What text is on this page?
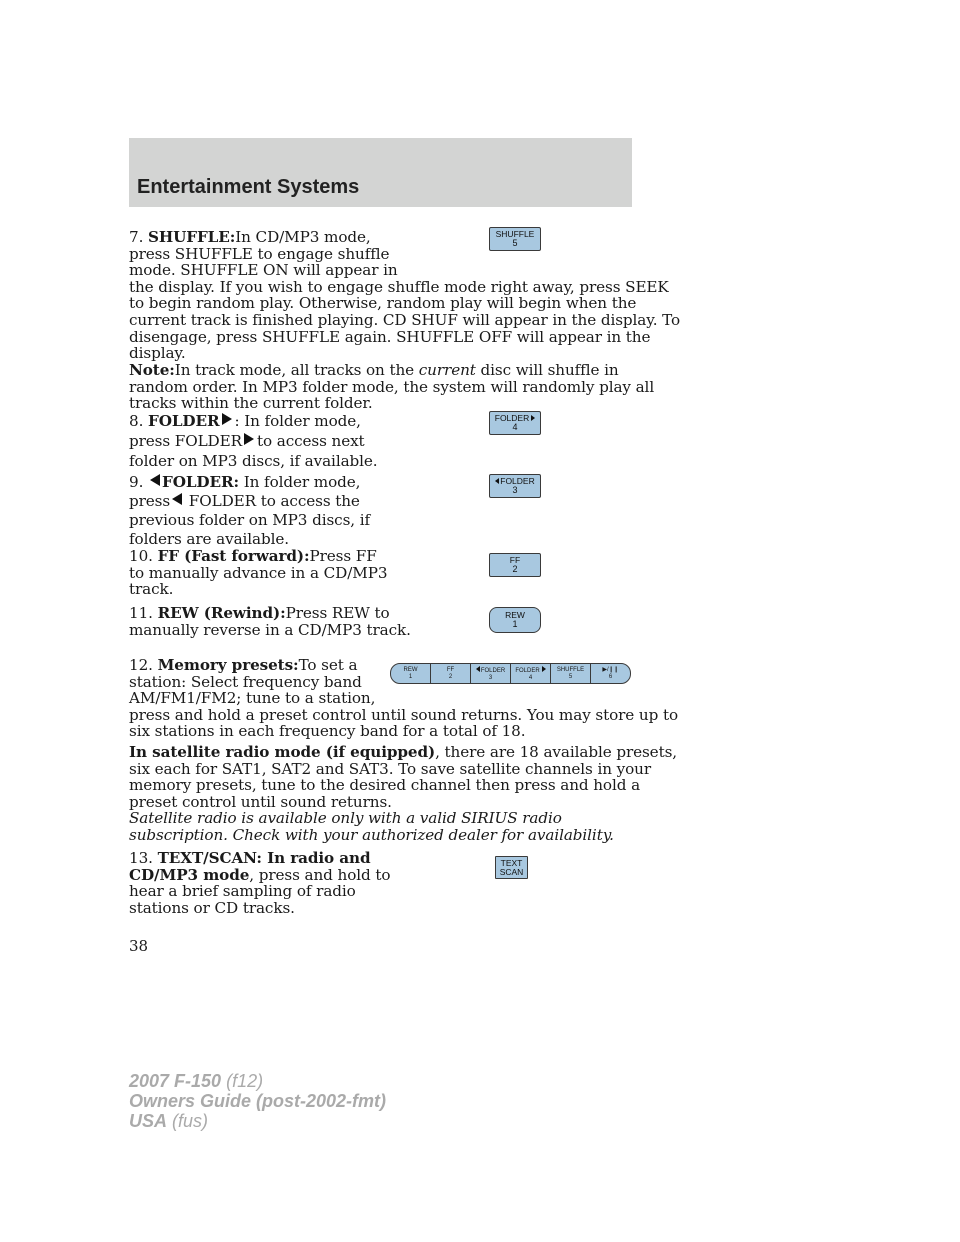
Entertainment Systems

7. SHUFFLE:In CD/MP3 mode,

press SHUFFLE to engage shuffle

mode. SHUFFLE ON will appear in

the display. If you wish to engage shuffle mode right away, press SEEK

to begin random play. Otherwise, random play will begin when the

current track is finished playing. CD SHUF will appear in the display. To

disengage, press SHUFFLE again. SHUFFLE OFF will appear in the

display.

Note:In track mode, all tracks on the current disc will shuffle in

random order. In MP3 folder mode, the system will randomly play all

tracks within the current folder.

8. FOLDER : In folder mode,

press FOLDER to access next

folder on MP3 discs, if available.

9. FOLDER: In folder mode,

press FOLDER to access the

previous folder on MP3 discs, if

folders are available.

10. FF (Fast forward):Press FF

to manually advance in a CD/MP3

track.

11. REW (Rewind):Press REW to

manually reverse in a CD/MP3 track.

12. Memory presets:To set a

station: Select frequency band

AM/FM1/FM2; tune to a station,

press and hold a preset control until sound returns. You may store up to

six stations in each frequency band for a total of 18.

In satellite radio mode (if equipped), there are 18 available presets,

six each for SAT1, SAT2 and SAT3. To save satellite channels in your

memory presets, tune to the desired channel then press and hold a

preset control until sound returns.

Satellite radio is available only with a valid SIRIUS radio

subscription. Check with your authorized dealer for availability.

13. TEXT/SCAN: In radio and

CD/MP3 mode, press and hold to

hear a brief sampling of radio

stations or CD tracks.

SHUFFLE
5
FOLDER
4
FOLDER
3
FF
2
REW
1
REW
1
FF
2
FOLDER
3
FOLDER
4
SHUFFLE
5
▶/❙❙
6
TEXT
SCAN
38
2007 F-150 (f12)
Owners Guide (post-2002-fmt)
USA (fus)
